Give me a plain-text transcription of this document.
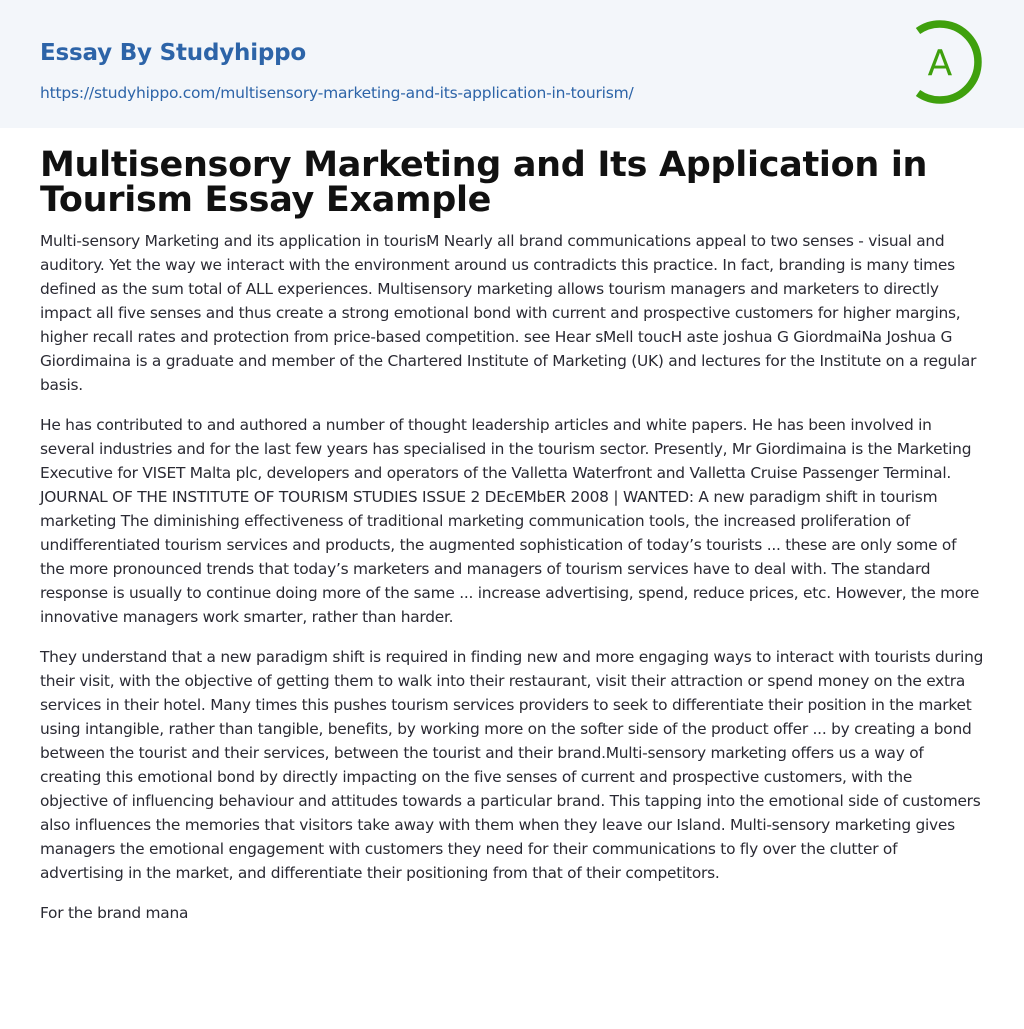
Essay By Studyhippo
https://studyhippo.com/multisensory-marketing-and-its-application-in-tourism/
A
Multisensory Marketing and Its Application in Tourism Essay Example

Multi-sensory Marketing and its application in tourisM Nearly all brand communications appeal to two senses - visual and auditory. Yet the way we interact with the environment around us contradicts this practice. In fact, branding is many times defined as the sum total of ALL experiences. Multisensory marketing allows tourism managers and marketers to directly impact all five senses and thus create a strong emotional bond with current and prospective customers for higher margins, higher recall rates and protection from price-based competition. see Hear sMell toucH aste joshua G GiordmaiNa Joshua G Giordimaina is a graduate and member of the Chartered Institute of Marketing (UK) and lectures for the Institute on a regular basis.

He has contributed to and authored a number of thought leadership articles and white papers. He has been involved in several industries and for the last few years has specialised in the tourism sector. Presently, Mr Giordimaina is the Marketing Executive for VISET Malta plc, developers and operators of the Valletta Waterfront and Valletta Cruise Passenger Terminal. JOURNAL OF THE INSTITUTE OF TOURISM STUDIES ISSUE 2 DEcEMbER 2008 | WANTED: A new paradigm shift in tourism marketing The diminishing effectiveness of traditional marketing communication tools, the increased proliferation of undifferentiated tourism services and products, the augmented sophistication of today’s tourists ... these are only some of the more pronounced trends that today’s marketers and managers of tourism services have to deal with. The standard response is usually to continue doing more of the same ... increase advertising, spend, reduce prices, etc. However, the more innovative managers work smarter, rather than harder.

They understand that a new paradigm shift is required in finding new and more engaging ways to interact with tourists during their visit, with the objective of getting them to walk into their restaurant, visit their attraction or spend money on the extra services in their hotel. Many times this pushes tourism services providers to seek to differentiate their position in the market using intangible, rather than tangible, benefits, by working more on the softer side of the product offer ... by creating a bond between the tourist and their services, between the tourist and their brand.Multi-sensory marketing offers us a way of creating this emotional bond by directly impacting on the five senses of current and prospective customers, with the objective of influencing behaviour and attitudes towards a particular brand. This tapping into the emotional side of customers also influences the memories that visitors take away with them when they leave our Island. Multi-sensory marketing gives managers the emotional engagement with customers they need for their communications to fly over the clutter of advertising in the market, and differentiate their positioning from that of their competitors.

For the brand mana
